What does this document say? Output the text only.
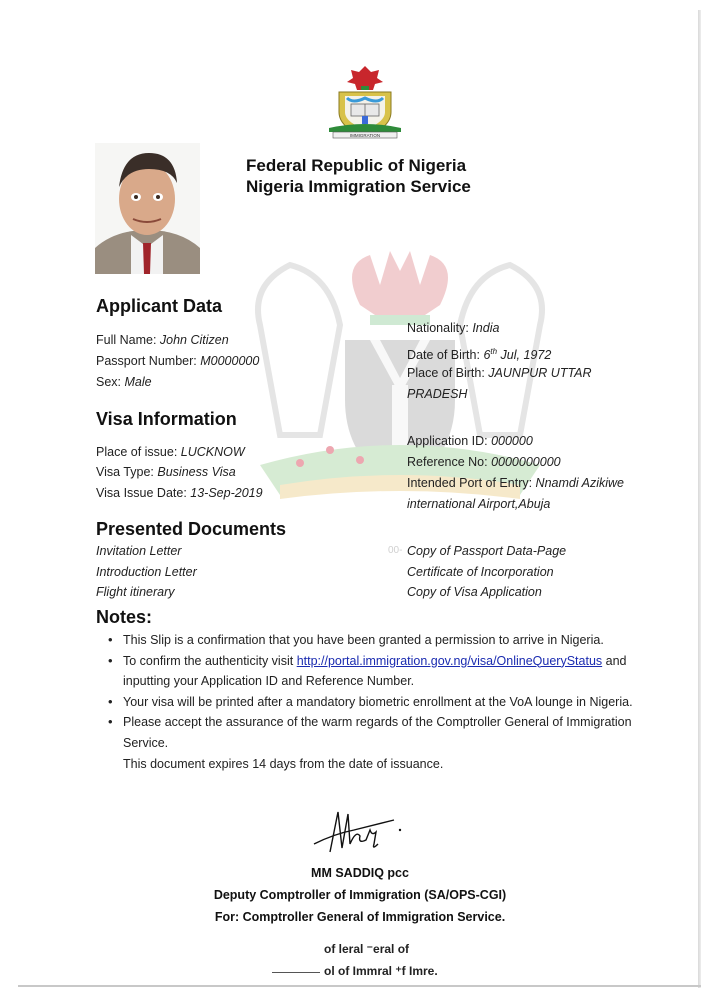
IMMIGRATION
Federal Republic of Nigeria
Nigeria Immigration Service
Applicant Data
Full Name: John Citizen
Passport Number: M0000000
Sex: Male
Nationality: India
Date of Birth: 6th Jul, 1972
Place of Birth: JAUNPUR UTTAR
PRADESH
Visa Information
Place of issue: LUCKNOW
Visa Type: Business Visa
Visa Issue Date: 13-Sep-2019
Application ID: 000000
Reference No: 0000000000
Intended Port of Entry: Nnamdi Azikiwe
international Airport,Abuja
Presented Documents
Invitation Letter
Introduction Letter
Flight itinerary
00- Copy of Passport Data-Page
Certificate of Incorporation
Copy of Visa Application
Notes:
• This Slip is a confirmation that you have been granted a permission to arrive in Nigeria.
• To confirm the authenticity visit http://portal.immigration.gov.ng/visa/OnlineQueryStatus and inputting your Application ID and Reference Number.
• Your visa will be printed after a mandatory biometric enrollment at the VoA lounge in Nigeria.
• Please accept the assurance of the warm regards of the Comptroller General of Immigration Service.
This document expires 14 days from the date of issuance.
MM SADDIQ pcc
Deputy Comptroller of Immigration (SA/OPS-CGI)
For: Comptroller General of Immigration Service.
of leral ⁻eral of
ol of Immral ⁺f Imre.
